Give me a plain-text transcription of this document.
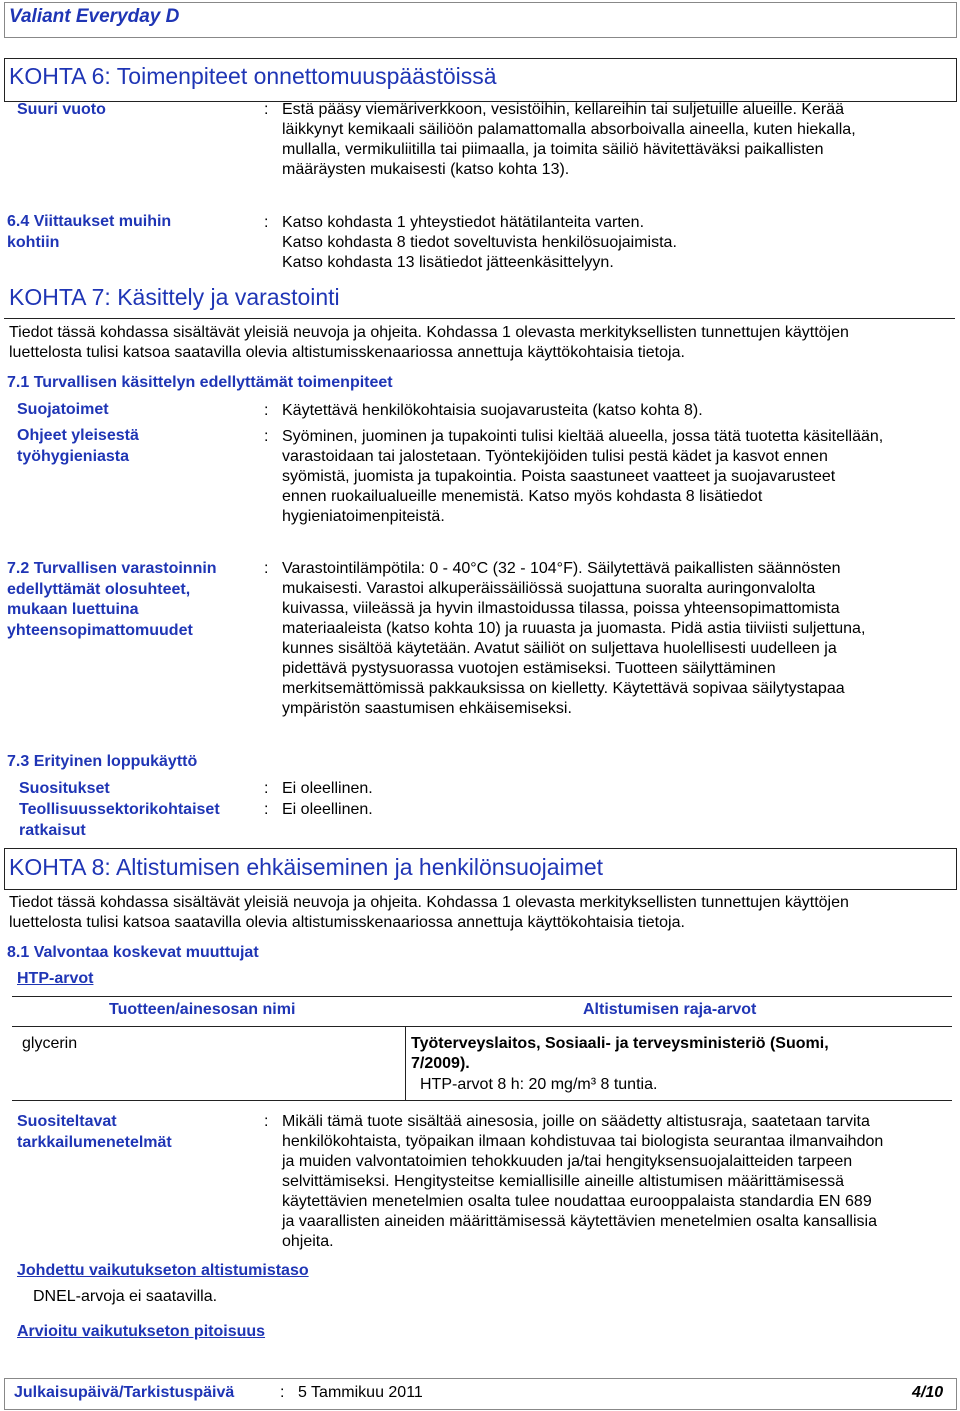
Valiant Everyday D
KOHTA 6: Toimenpiteet onnettomuuspäästöissä
Suuri vuoto	: Estä pääsy viemäriverkkoon, vesistöihin, kellareihin tai suljetuille alueille. Kerää
läikkynyt kemikaali säiliöön palamattomalla absorboivalla aineella, kuten hiekalla,
mullalla, vermikuliitilla tai piimaalla, ja toimita säiliö hävitettäväksi paikallisten
määräysten mukaisesti (katso kohta 13).
6.4 Viittaukset muihin
kohtiin
: Katso kohdasta 1 yhteystiedot hätätilanteita varten.
Katso kohdasta 8 tiedot soveltuvista henkilösuojaimista.
Katso kohdasta 13 lisätiedot jätteenkäsittelyyn.
KOHTA 7: Käsittely ja varastointi
Tiedot tässä kohdassa sisältävät yleisiä neuvoja ja ohjeita. Kohdassa 1 olevasta merkityksellisten tunnettujen käyttöjen
luettelosta tulisi katsoa saatavilla olevia altistumisskenaariossa annettuja käyttökohtaisia tietoja.
7.1 Turvallisen käsittelyn edellyttämät toimenpiteet
Suojatoimet	: Käytettävä henkilökohtaisia suojavarusteita (katso kohta 8).
Ohjeet yleisestä
työhygieniasta
: Syöminen, juominen ja tupakointi tulisi kieltää alueella, jossa tätä tuotetta käsitellään,
varastoidaan tai jalostetaan. Työntekijöiden tulisi pestä kädet ja kasvot ennen
syömistä, juomista ja tupakointia. Poista saastuneet vaatteet ja suojavarusteet
ennen ruokailualueille menemistä. Katso myös kohdasta 8 lisätiedot
hygieniatoimenpiteistä.
7.2 Turvallisen varastoinnin
edellyttämät olosuhteet,
mukaan luettuina
yhteensopimattomuudet
: Varastointilämpötila: 0 - 40°C (32 - 104°F). Säilytettävä paikallisten säännösten
mukaisesti. Varastoi alkuperäissäiliössä suojattuna suoralta auringonvalolta
kuivassa, viileässä ja hyvin ilmastoidussa tilassa, poissa yhteensopimattomista
materiaaleista (katso kohta 10) ja ruuasta ja juomasta. Pidä astia tiiviisti suljettuna,
kunnes sisältöä käytetään. Avatut säiliöt on suljettava huolellisesti uudelleen ja
pidettävä pystysuorassa vuotojen estämiseksi. Tuotteen säilyttäminen
merkitsemättömissä pakkauksissa on kielletty. Käytettävä sopivaa säilytystapaa
ympäristön saastumisen ehkäisemiseksi.
7.3 Erityinen loppukäyttö
Suositukset	: Ei oleellinen.
Teollisuussektorikohtaiset
ratkaisut
: Ei oleellinen.
KOHTA 8: Altistumisen ehkäiseminen ja henkilönsuojaimet
Tiedot tässä kohdassa sisältävät yleisiä neuvoja ja ohjeita. Kohdassa 1 olevasta merkityksellisten tunnettujen käyttöjen
luettelosta tulisi katsoa saatavilla olevia altistumisskenaariossa annettuja käyttökohtaisia tietoja.
8.1 Valvontaa koskevat muuttujat
HTP-arvot
Tuotteen/ainesosan nimi	Altistumisen raja-arvot
glycerin	Työterveyslaitos, Sosiaali- ja terveysministeriö (Suomi,
7/2009).
HTP-arvot 8 h: 20 mg/m³ 8 tuntia.
Suositeltavat
tarkkailumenetelmät
: Mikäli tämä tuote sisältää ainesosia, joille on säädetty altistusraja, saatetaan tarvita
henkilökohtaista, työpaikan ilmaan kohdistuvaa tai biologista seurantaa ilmanvaihdon
ja muiden valvontatoimien tehokkuuden ja/tai hengityksensuojalaitteiden tarpeen
selvittämiseksi. Hengitysteitse kemiallisille aineille altistumisen määrittämisessä
käytettävien menetelmien osalta tulee noudattaa eurooppalaista standardia EN 689
ja vaarallisten aineiden määrittämisessä käytettävien menetelmien osalta kansallisia
ohjeita.
Johdettu vaikutukseton altistumistaso
DNEL-arvoja ei saatavilla.
Arvioitu vaikutukseton pitoisuus
Julkaisupäivä/Tarkistuspäivä	: 5 Tammikuu 2011	4/10
